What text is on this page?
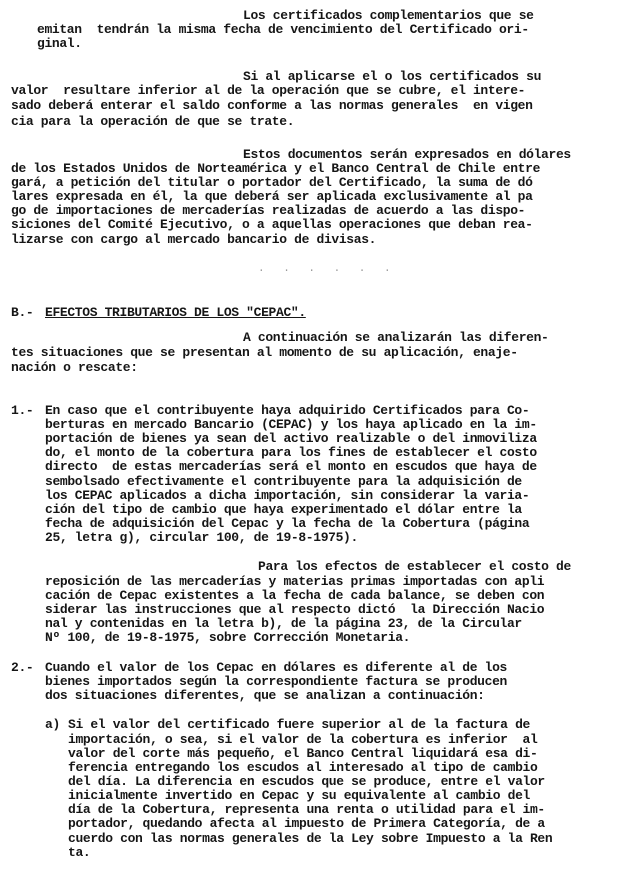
Los certificados complementarios que se
emitan  tendrán la misma fecha de vencimiento del Certificado ori-
ginal.
Si al aplicarse el o los certificados su
valor  resultare inferior al de la operación que se cubre, el intere-
sado deberá enterar el saldo conforme a las normas generales  en vigen
cia para la operación de que se trate.
Estos documentos serán expresados en dólares
de los Estados Unidos de Norteamérica y el Banco Central de Chile entre
gará, a petición del titular o portador del Certificado, la suma de dó
lares expresada en él, la que deberá ser aplicada exclusivamente al pa
go de importaciones de mercaderías realizadas de acuerdo a las dispo-
siciones del Comité Ejecutivo, o a aquellas operaciones que deban rea-
lizarse con cargo al mercado bancario de divisas.
. . . . . .
B.- EFECTOS TRIBUTARIOS DE LOS "CEPAC".
A continuación se analizarán las diferen-
tes situaciones que se presentan al momento de su aplicación, enaje-
nación o rescate:
1.- En caso que el contribuyente haya adquirido Certificados para Co-
berturas en mercado Bancario (CEPAC) y los haya aplicado en la im-
portación de bienes ya sean del activo realizable o del inmoviliza
do, el monto de la cobertura para los fines de establecer el costo
directo  de estas mercaderías será el monto en escudos que haya de
sembolsado efectivamente el contribuyente para la adquisición de
los CEPAC aplicados a dicha importación, sin considerar la varia-
ción del tipo de cambio que haya experimentado el dólar entre la
fecha de adquisición del Cepac y la fecha de la Cobertura (página
25, letra g), circular 100, de 19-8-1975).
Para los efectos de establecer el costo de
reposición de las mercaderías y materias primas importadas con apli
cación de Cepac existentes a la fecha de cada balance, se deben con
siderar las instrucciones que al respecto dictó  la Dirección Nacio
nal y contenidas en la letra b), de la página 23, de la Circular
Nº 100, de 19-8-1975, sobre Corrección Monetaria.
2.- Cuando el valor de los Cepac en dólares es diferente al de los
bienes importados según la correspondiente factura se producen
dos situaciones diferentes, que se analizan a continuación:
a) Si el valor del certificado fuere superior al de la factura de
importación, o sea, si el valor de la cobertura es inferior  al
valor del corte más pequeño, el Banco Central liquidará esa di-
ferencia entregando los escudos al interesado al tipo de cambio
del día. La diferencia en escudos que se produce, entre el valor
inicialmente invertido en Cepac y su equivalente al cambio del
día de la Cobertura, representa una renta o utilidad para el im-
portador, quedando afecta al impuesto de Primera Categoría, de a
cuerdo con las normas generales de la Ley sobre Impuesto a la Ren
ta.
